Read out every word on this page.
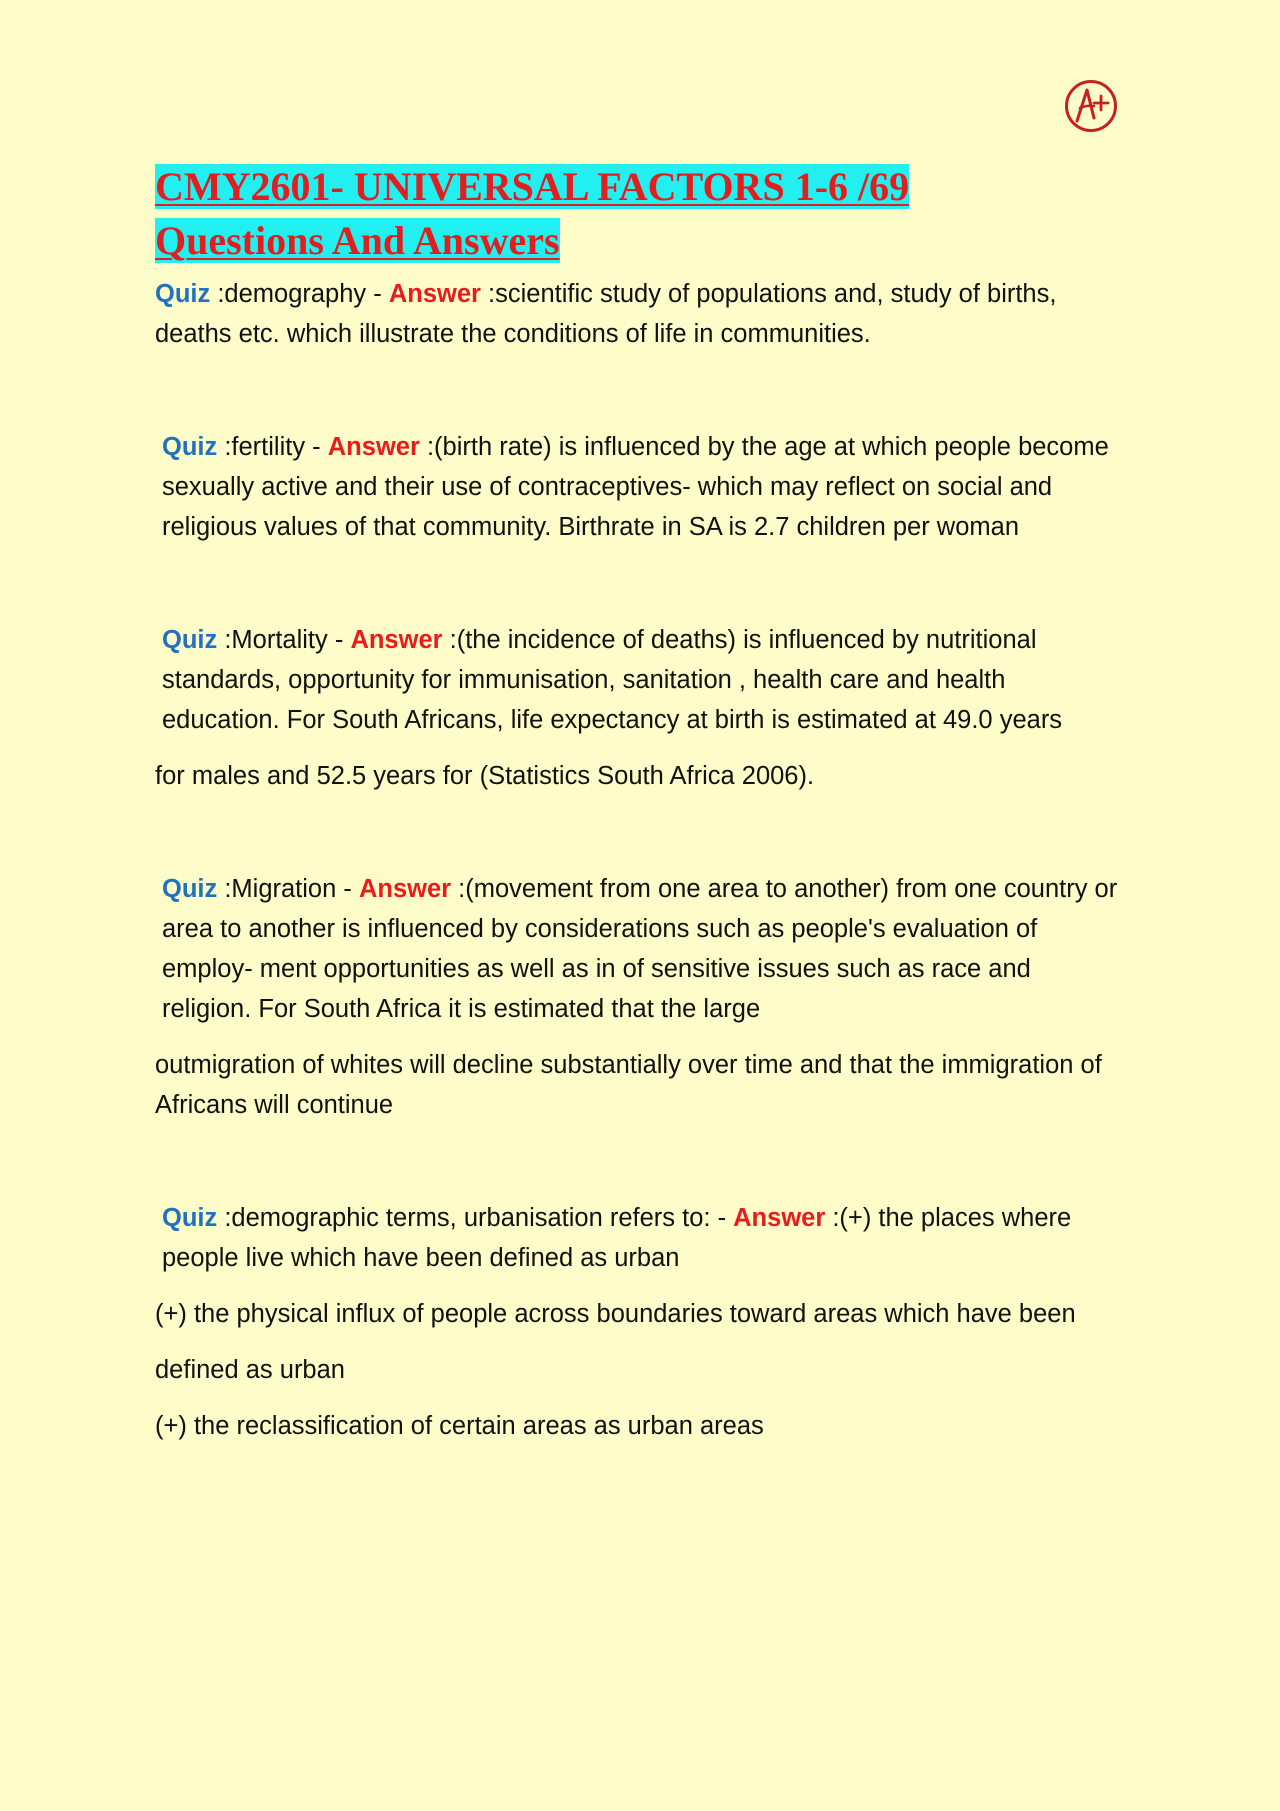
CMY2601- UNIVERSAL FACTORS 1-6 /69
Questions And Answers

Quiz :demography - Answer :scientific study of populations and, study of births, deaths etc. which illustrate the conditions of life in communities.

Quiz :fertility - Answer :(birth rate) is influenced by the age at which people become sexually active and their use of contraceptives- which may reflect on social and religious values of that community. Birthrate in SA is 2.7 children per woman

Quiz :Mortality - Answer :(the incidence of deaths) is influenced by nutritional standards, opportunity for immunisation, sanitation , health care and health education. For South Africans, life expectancy at birth is estimated at 49.0 years

for males and 52.5 years for (Statistics South Africa 2006).

Quiz :Migration - Answer :(movement from one area to another) from one country or area to another is influenced by considerations such as people's evaluation of employ- ment opportunities as well as in of sensitive issues such as race and religion. For South Africa it is estimated that the large

outmigration of whites will decline substantially over time and that the immigration of Africans will continue

Quiz :demographic terms, urbanisation refers to: - Answer :(+) the places where people live which have been defined as urban

(+) the physical influx of people across boundaries toward areas which have been

defined as urban

(+) the reclassification of certain areas as urban areas
